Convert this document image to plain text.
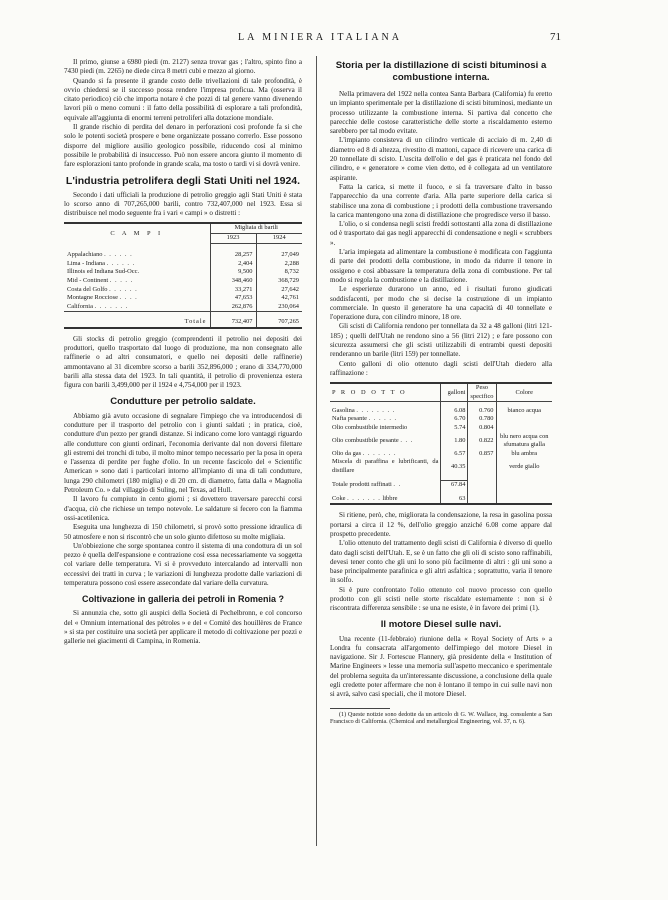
LA MINIERA ITALIANA	71

Il primo, giunse a 6980 piedi (m. 2127) senza trovar gas ; l'altro, spinto fino a 7430 piedi (m. 2265) ne diede circa 8 metri cubi e mezzo al giorno.

Quando si fa presente il grande costo delle trivellazioni di tale profondità, è ovvio chiedersi se il successo possa rendere l'impresa proficua. Ma (osserva il citato periodico) ciò che importa notare è che pozzi di tal genere vanno divenendo lavori più o meno comuni : il fatto della possibilità di esplorare a tali profondità, equivale all'aggiunta di enormi terreni petroliferi alla dotazione mondiale.

Il grande rischio di perdita del denaro in perforazioni così profonde fa si che solo le potenti società prospere e bene organizzate possano correrlo. Esse possono disporre del migliore ausilio geologico possibile, riducendo così al minimo possibile le probabilità di insuccesso. Può non essere ancora giunto il momento di fare esplorazioni tanto profonde in grande scala, ma tosto o tardi vi si dovrà venire.

L'industria petrolifera degli Stati Uniti nel 1924.

Secondo i dati ufficiali la produzione di petrolio greggio agli Stati Uniti è stata lo scorso anno di 707,265,000 barili, contro 732,407,000 nel 1923. Essa si distribuisce nel modo seguente fra i vari « campi » o distretti :

C A M P I	Migliaia di barili	
	1923	1924

Appalachiano . . . . . .	28,257	27,049
Lima - Indiana . . . . . .	2,404	2,288
Illinois ed Indiana Sud-Occ.	9,500	8,732
Mid - Continent . . . . .	348,460	368,729
Costa del Golfo . . . . . .	33,271	27,642
Montagne Rocciose . . . .	47,653	42,761
California . . . . . . .	262,876	230,064
Totale	732,407	707,265

Gli stocks di petrolio greggio (comprendenti il petrolio nei depositi dei produttori, quello trasportato dal luogo di produzione, ma non consegnato alle raffinerie o ad altri consumatori, e quello nei depositi delle raffinerie) ammontavano al 31 dicembre scorso a barili 352,896,000 ; erano di 334,770,000 barili alla stessa data del 1923. In tali quantità, il petrolio di provenienza estera figura con barili 3,499,000 per il 1924 e 4,754,000 per il 1923.

Condutture per petrolio saldate.

Abbiamo già avuto occasione di segnalare l'impiego che va introducendosi di condutture per il trasporto del petrolio con i giunti saldati ; in pratica, cioè, condutture d'un pezzo per grandi distanze. Si indicano come loro vantaggi riguardo alle condutture con giunti ordinari, l'economia derivante dal non doversi filettare gli estremi dei tronchi di tubo, il molto minor tempo necessario per la posa in opera e l'assenza di perdite per fughe d'olio. In un recente fascicolo del « Scientific American » sono dati i particolari intorno all'impianto di una di tali condutture, lunga 290 chilometri (180 miglia) e di 20 cm. di diametro, fatta dalla « Magnolia Petroleum Co. » dal villaggio di Suling, nel Texas, ad Hull.

Il lavoro fu compiuto in cento giorni ; si dovettero traversare parecchi corsi d'acqua, ciò che richiese un tempo notevole. Le saldature si fecero con la fiamma ossi-acetilenica.

Eseguita una lunghezza di 150 chilometri, si provò sotto pressione idraulica di 50 atmosfere e non si riscontrò che un solo giunto difettoso su molte migliaia.

Un'obbiezione che sorge spontanea contro il sistema di una condottura di un sol pezzo è quella dell'espansione e contrazione così essa necessariamente va soggetta col variare delle temperatura. Vi si è provveduto intercalando ad intervalli non eccessivi dei tratti in curva ; le variazioni di lunghezza prodotte dalle variazioni di temperatura possono così essere assecondate dal variare della curvatura.

Coltivazione in galleria dei petroli in Romenia ?

Si annunzia che, sotto gli auspici della Società di Pechelbronn, e col concorso del « Omnium international des pétroles » e del « Comité des houillères de France » si sta per costituire una società per applicare il metodo di coltivazione per pozzi e gallerie nei giacimenti di Campina, in Romenia.

Storia per la distillazione di scisti bituminosi a combustione interna.

Nella primavera del 1922 nella contea Santa Barbara (California) fu eretto un impianto sperimentale per la distillazione di scisti bituminosi, mediante un processo utilizzante la combustione interna. Si partiva dal concetto che parecchie delle costose caratteristiche delle storte a riscaldamento esterno sarebbero per tal modo evitate.

L'impianto consisteva di un cilindro verticale di acciaio di m. 2,40 di diametro ed 8 di altezza, rivestito di mattoni, capace di ricevere una carica di 20 tonnellate di scisto. L'uscita dell'olio e del gas è praticata nel fondo del cilindro, e « generatore » come vien detto, ed è collegata ad un ventilatore aspirante.

Fatta la carica, si mette il fuoco, e si fa traversare d'alto in basso l'apparecchio da una corrente d'aria. Alla parte superiore della carica si stabilisce una zona di combustione ; i prodotti della combustione traversando la carica mantengono una zona di distillazione che progredisce verso il basso.

L'olio, o si condensa negli scisti freddi sottostanti alla zona di distillazione od è trasportato dai gas negli apparecchi di condensazione e negli « scrubbers ».

L'aria impiegata ad alimentare la combustione è modificata con l'aggiunta di parte dei prodotti della combustione, in modo da ridurre il tenore in ossigeno e così abbassare la temperatura della zona di combustione. Per tal modo si regola la combustione e la distillazione.

Le esperienze durarono un anno, ed i risultati furono giudicati soddisfacenti, per modo che si decise la costruzione di un impianto commerciale. In questo il generatore ha una capacità di 40 tonnellate e l'operazione dura, con cilindro minore, 18 ore.

Gli scisti di California rendono per tonnellata da 32 a 48 galloni (litri 121-185) ; quelli dell'Utah ne rendono sino a 56 (litri 212) ; e fare possono con sicurezza assumersi che gli scisti utilizzabili di entrambi questi depositi renderanno un barile (litri 159) per tonnellate.

Cento galloni di olio ottenuto dagli scisti dell'Utah diedero alla raffinazione :

P R O D O T T O	galloni	Peso specifico	Colore

Gasolina . . . . . . . .	6.08	0.760	bianco acqua
Nafta pesante . . . . . .	6.70	0.780	
Olio combustibile intermedio	5.74	0.804	
Olio combustibile pesante . . .	1.80	0.822	blu nero acqua con sfumatura gialla
Olio da gas . . . . . . .	6.57	0.857	blu ambra
Miscela di paraffina e lubrificanti, da distillare	40.35		verde giallo

Totale prodotti raffinati . .	67.84		

Coke . . . . . . . libbre	63		

Si ritiene, però, che, migliorata la condensazione, la resa in gasolina possa portarsi a circa il 12 %, dell'olio greggio anziché 6.08 come appare dal prospetto precedente.

L'olio ottenuto del trattamento degli scisti di California è diverso di quello dato dagli scisti dell'Utah. E, se è un fatto che gli oli di scisto sono raffinabili, devesi tener conto che gli uni lo sono più facilmente di altri : gli uni sono a base principalmente parafinica e gli altri asfaltica ; soprattutto, varia il tenore in solfo.

Si è pure confrontato l'olio ottenuto col nuovo processo con quello prodotto con gli scisti nelle storte riscaldate esternamente : non si è riscontrata differenza sensibile : se una ne esiste, è in favore dei primi (1).

Il motore Diesel sulle navi.

Una recente (11-febbraio) riunione della « Royal Society of Arts » a Londra fu consacrata all'argomento dell'impiego del motore Diesel in navigazione. Sir J. Fortescue Flannery, già presidente della « Institution of Marine Engineers » lesse una memoria sull'aspetto meccanico e sperimentale del problema seguita da un'interessante discussione, a conclusione della quale egli credette poter affermare che non è lontano il tempo in cui sulle navi non si avrà, salvo casi speciali, che il motore Diesel.

(1) Queste notizie sono dedotte da un articolo di G. W. Wallace, ing. consulente a San Francisco di California. (Chemical and metallurgical Engineering, vol. 37, n. 6).
